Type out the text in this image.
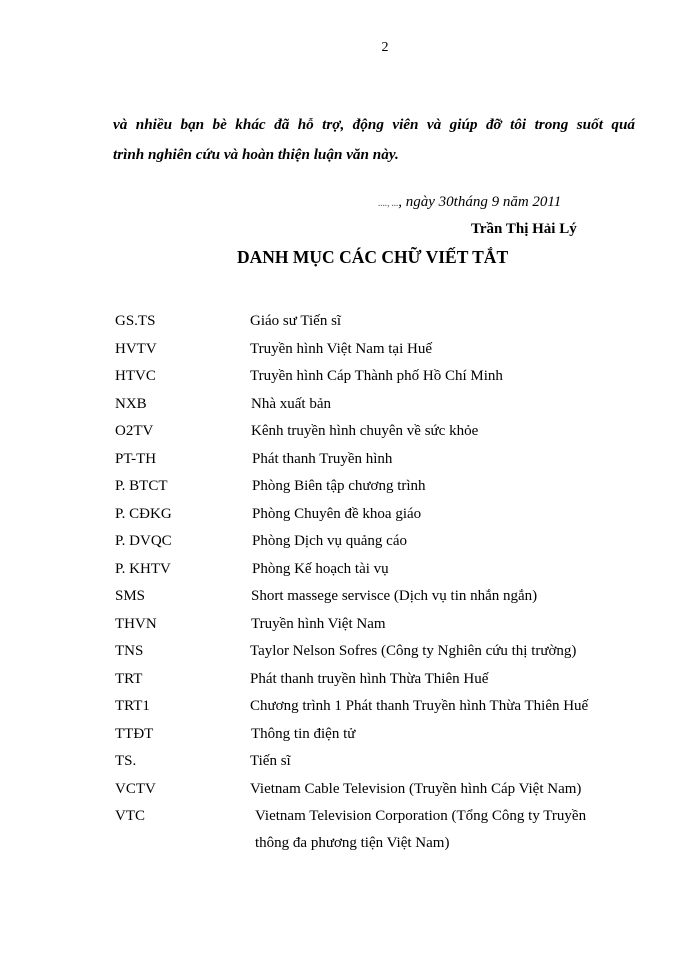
2
và nhiều bạn bè khác đã hỗ trợ, động viên và giúp đỡ tôi trong suốt quá
trình nghiên cứu và hoàn thiện luận văn này.
...., ..., ngày 30tháng 9 năm 2011
Trần Thị Hải Lý
DANH MỤC CÁC CHỮ VIẾT TẮT
GS.TS	Giáo sư Tiến sĩ
HVTV	Truyền hình Việt Nam tại Huế
HTVC	Truyền hình Cáp Thành phố Hồ Chí Minh
NXB	Nhà xuất bản
O2TV	Kênh truyền hình chuyên về sức khỏe
PT-TH	Phát thanh Truyền hình
P. BTCT	Phòng Biên tập chương trình
P. CĐKG	Phòng Chuyên đề khoa giáo
P. DVQC	Phòng Dịch vụ quảng cáo
P. KHTV	Phòng Kế hoạch tài vụ
SMS	Short massege servisce (Dịch vụ tin nhắn ngắn)
THVN	Truyền hình Việt Nam
TNS	Taylor Nelson Sofres (Công ty Nghiên cứu thị trường)
TRT	Phát thanh truyền hình Thừa Thiên Huế
TRT1	Chương trình 1 Phát thanh Truyền hình Thừa Thiên Huế
TTĐT	Thông tin điện tử
TS.	Tiến sĩ
VCTV	Vietnam Cable Television (Truyền hình Cáp Việt Nam)
VTC	Vietnam Television Corporation (Tổng Công ty Truyền
thông đa phương tiện Việt Nam)
